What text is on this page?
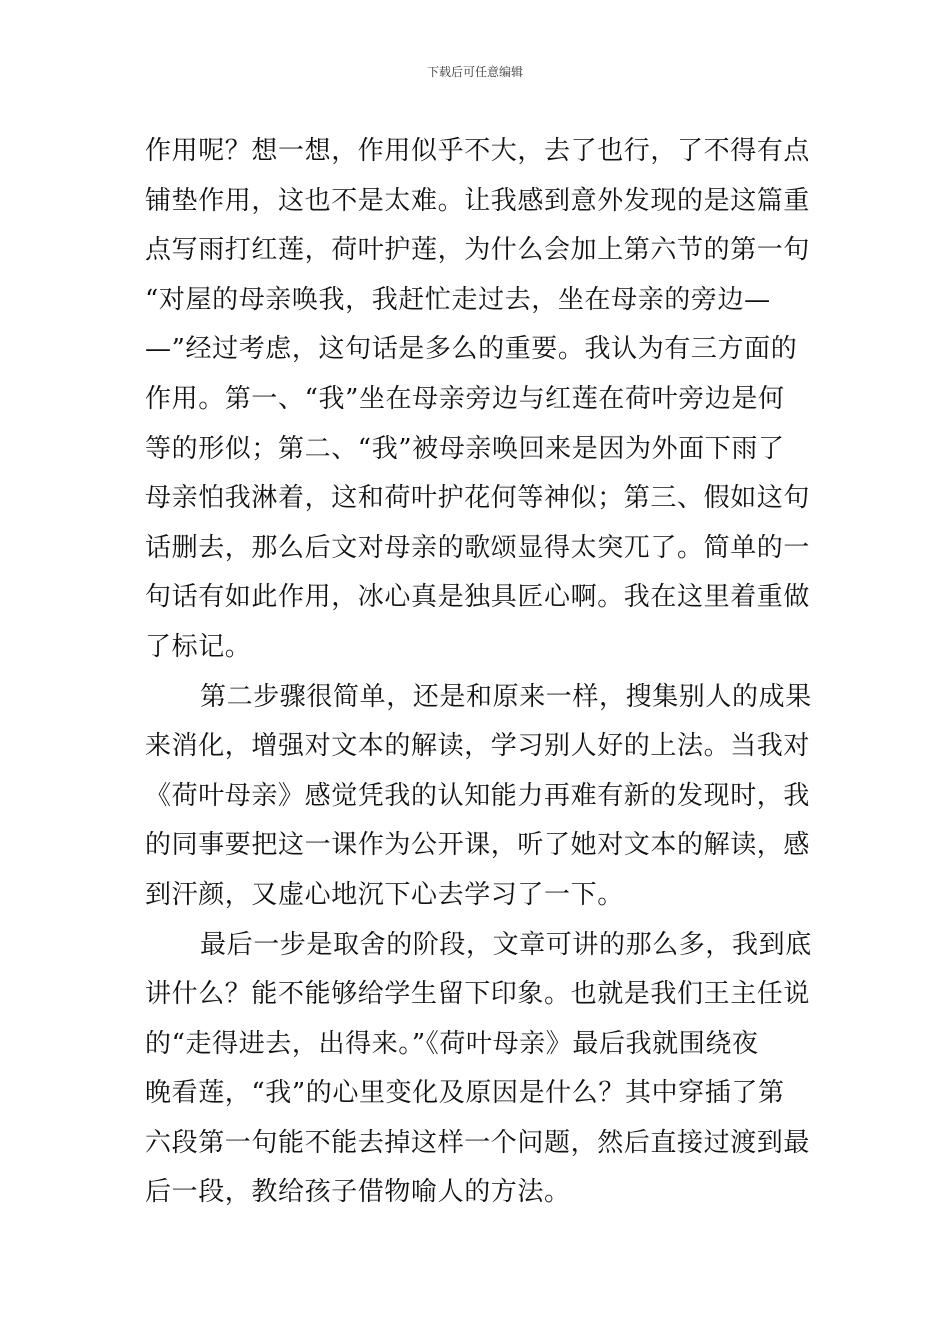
下载后可任意编辑
作用呢？想一想，作用似乎不大，去了也行，了不得有点
铺垫作用，这也不是太难。让我感到意外发现的是这篇重
点写雨打红莲，荷叶护莲，为什么会加上第六节的第一句
“对屋的母亲唤我，我赶忙走过去，坐在母亲的旁边—
—”经过考虑，这句话是多么的重要。我认为有三方面的
作用。第一、“我”坐在母亲旁边与红莲在荷叶旁边是何
等的形似；第二、“我”被母亲唤回来是因为外面下雨了
母亲怕我淋着，这和荷叶护花何等神似；第三、假如这句
话删去，那么后文对母亲的歌颂显得太突兀了。简单的一
句话有如此作用，冰心真是独具匠心啊。我在这里着重做
了标记。
第二步骤很简单，还是和原来一样，搜集别人的成果
来消化，增强对文本的解读，学习别人好的上法。当我对
《荷叶母亲》感觉凭我的认知能力再难有新的发现时，我
的同事要把这一课作为公开课，听了她对文本的解读，感
到汗颜，又虚心地沉下心去学习了一下。
最后一步是取舍的阶段，文章可讲的那么多，我到底
讲什么？能不能够给学生留下印象。也就是我们王主任说
的“走得进去，出得来。”《荷叶母亲》最后我就围绕夜
晚看莲，“我”的心里变化及原因是什么？其中穿插了第
六段第一句能不能去掉这样一个问题，然后直接过渡到最
后一段，教给孩子借物喻人的方法。
